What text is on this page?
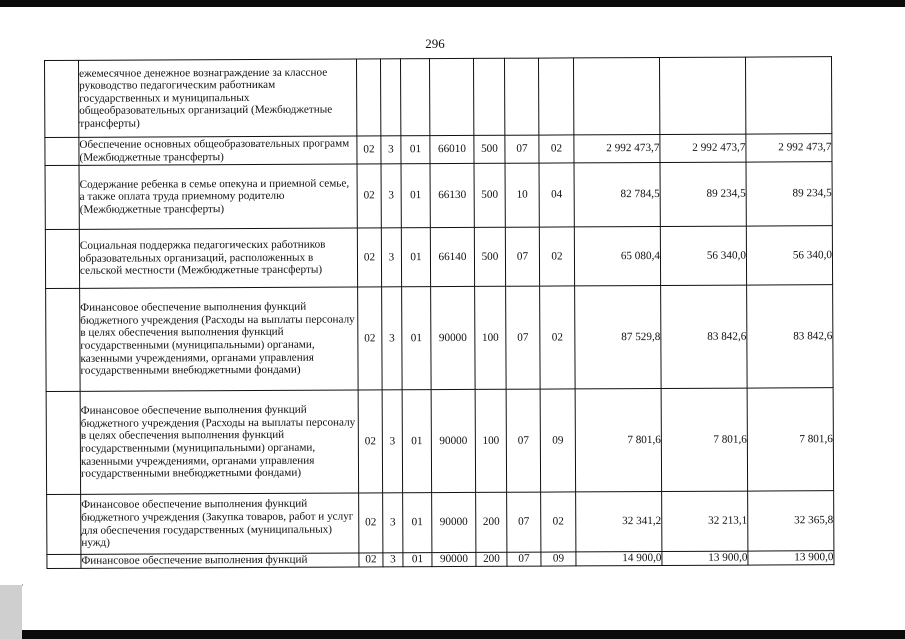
296
	ежемесячное денежное вознаграждение за классное руководство педагогическим работникам государственных и муниципальных общеобразовательных организаций (Межбюджетные трансферты)										
	Обеспечение основных общеобразовательных программ (Межбюджетные трансферты)	02	3	01	66010	500	07	02	2 992 473,7	2 992 473,7	2 992 473,7
	Содержание ребенка в семье опекуна и приемной семье, а также оплата труда приемному родителю (Межбюджетные трансферты)	02	3	01	66130	500	10	04	82 784,5	89 234,5	89 234,5
	Социальная поддержка педагогических работников образовательных организаций, расположенных в сельской местности (Межбюджетные трансферты)	02	3	01	66140	500	07	02	65 080,4	56 340,0	56 340,0
	Финансовое обеспечение выполнения функций бюджетного учреждения (Расходы на выплаты персоналу в целях обеспечения выполнения функций государственными (муниципальными) органами, казенными учреждениями, органами управления государственными внебюджетными фондами)	02	3	01	90000	100	07	02	87 529,8	83 842,6	83 842,6
	Финансовое обеспечение выполнения функций бюджетного учреждения (Расходы на выплаты персоналу в целях обеспечения выполнения функций государственными (муниципальными) органами, казенными учреждениями, органами управления государственными внебюджетными фондами)	02	3	01	90000	100	07	09	7 801,6	7 801,6	7 801,6
	Финансовое обеспечение выполнения функций бюджетного учреждения (Закупка товаров, работ и услуг для обеспечения государственных (муниципальных) нужд)	02	3	01	90000	200	07	02	32 341,2	32 213,1	32 365,8
	Финансовое обеспечение выполнения функций	02	3	01	90000	200	07	09	14 900,0	13 900,0	13 900,0
·
